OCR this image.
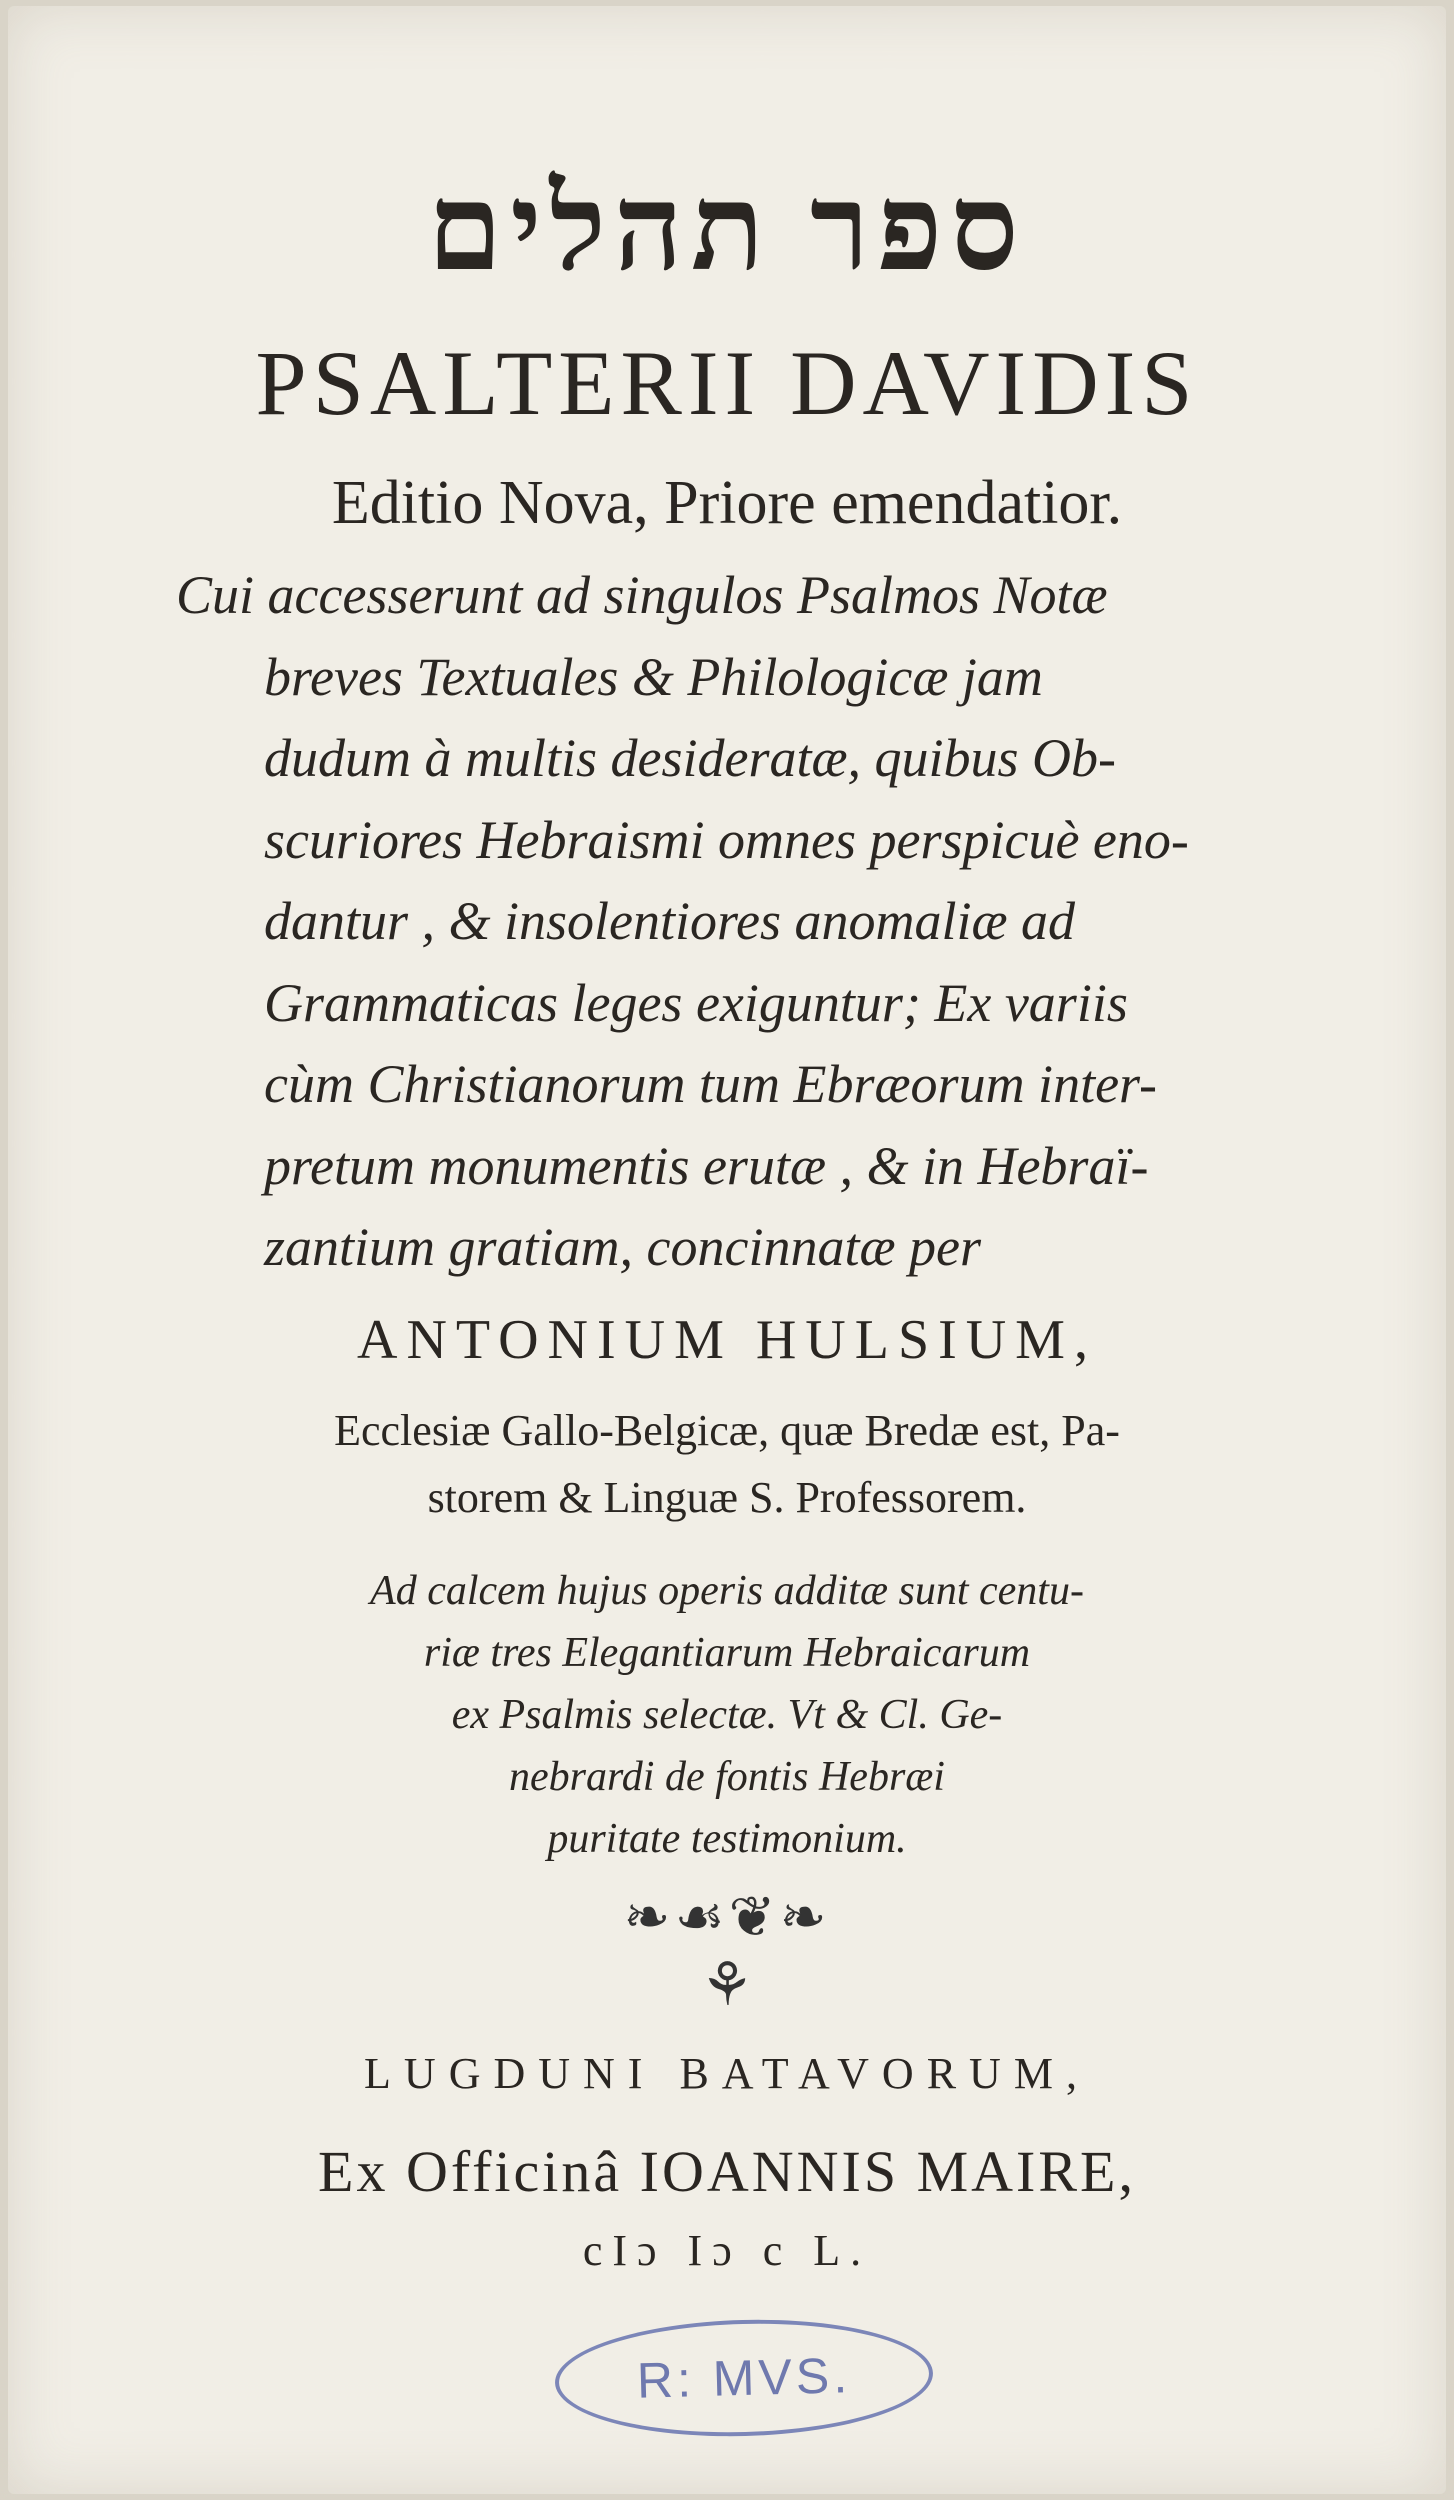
ספר תהלים
PSALTERII DAVIDIS
Editio Nova, Priore emendatior.
Cui accesserunt ad singulos Psalmos Notæ
breves Textuales & Philologicæ jam
dudum à multis desideratæ, quibus Ob-
scuriores Hebraismi omnes perspicuè eno-
dantur , & insolentiores anomaliæ ad
Grammaticas leges exiguntur; Ex variis
cùm Christianorum tum Ebræorum inter-
pretum monumentis erutæ , & in Hebraï-
zantium gratiam, concinnatæ per
ANTONIUM HULSIUM,
Ecclesiæ Gallo-Belgicæ, quæ Bredæ est, Pa-
storem & Linguæ S. Professorem.
Ad calcem hujus operis additæ sunt centu-
riæ tres Elegantiarum Hebraicarum
ex Psalmis selectæ. Vt & Cl. Ge-
nebrardi de fontis Hebræi
puritate testimonium.
❧☙❦❧
⚘
LUGDUNI BATAVORUM,
Ex Officinâ IOANNIS MAIRE,
cIɔ Iɔ c L.
R: MVS.
